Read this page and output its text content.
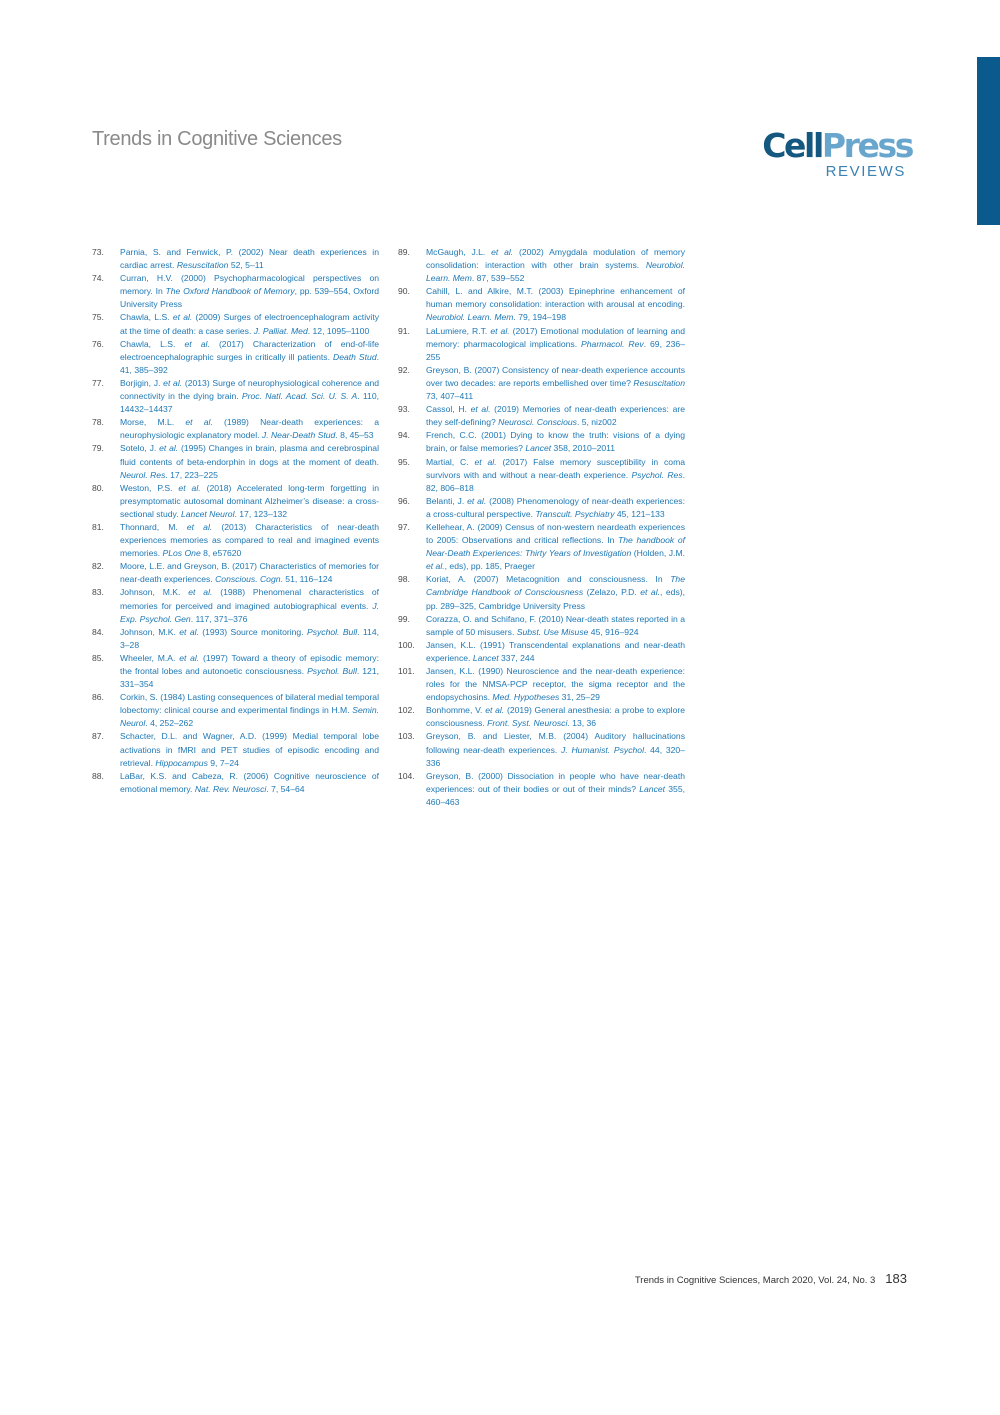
Trends in Cognitive Sciences	CellPress
REVIEWS
73. Parnia, S. and Fenwick, P. (2002) Near death experiences in cardiac arrest. Resuscitation 52, 5–11
74. Curran, H.V. (2000) Psychopharmacological perspectives on memory. In The Oxford Handbook of Memory, pp. 539–554, Oxford University Press
75. Chawla, L.S. et al. (2009) Surges of electroencephalogram activity at the time of death: a case series. J. Palliat. Med. 12, 1095–1100
76. Chawla, L.S. et al. (2017) Characterization of end-of-life electroencephalographic surges in critically ill patients. Death Stud. 41, 385–392
77. Borjigin, J. et al. (2013) Surge of neurophysiological coherence and connectivity in the dying brain. Proc. Natl. Acad. Sci. U. S. A. 110, 14432–14437
78. Morse, M.L. et al. (1989) Near-death experiences: a neurophysiologic explanatory model. J. Near-Death Stud. 8, 45–53
79. Sotelo, J. et al. (1995) Changes in brain, plasma and cerebrospinal fluid contents of beta-endorphin in dogs at the moment of death. Neurol. Res. 17, 223–225
80. Weston, P.S. et al. (2018) Accelerated long-term forgetting in presymptomatic autosomal dominant Alzheimer’s disease: a cross-sectional study. Lancet Neurol. 17, 123–132
81. Thonnard, M. et al. (2013) Characteristics of near-death experiences memories as compared to real and imagined events memories. PLos One 8, e57620
82. Moore, L.E. and Greyson, B. (2017) Characteristics of memories for near-death experiences. Conscious. Cogn. 51, 116–124
83. Johnson, M.K. et al. (1988) Phenomenal characteristics of memories for perceived and imagined autobiographical events. J. Exp. Psychol. Gen. 117, 371–376
84. Johnson, M.K. et al. (1993) Source monitoring. Psychol. Bull. 114, 3–28
85. Wheeler, M.A. et al. (1997) Toward a theory of episodic memory: the frontal lobes and autonoetic consciousness. Psychol. Bull. 121, 331–354
86. Corkin, S. (1984) Lasting consequences of bilateral medial temporal lobectomy: clinical course and experimental findings in H.M. Semin. Neurol. 4, 252–262
87. Schacter, D.L. and Wagner, A.D. (1999) Medial temporal lobe activations in fMRI and PET studies of episodic encoding and retrieval. Hippocampus 9, 7–24
88. LaBar, K.S. and Cabeza, R. (2006) Cognitive neuroscience of emotional memory. Nat. Rev. Neurosci. 7, 54–64
89. McGaugh, J.L. et al. (2002) Amygdala modulation of memory consolidation: interaction with other brain systems. Neurobiol. Learn. Mem. 87, 539–552
90. Cahill, L. and Alkire, M.T. (2003) Epinephrine enhancement of human memory consolidation: interaction with arousal at encoding. Neurobiol. Learn. Mem. 79, 194–198
91. LaLumiere, R.T. et al. (2017) Emotional modulation of learning and memory: pharmacological implications. Pharmacol. Rev. 69, 236–255
92. Greyson, B. (2007) Consistency of near-death experience accounts over two decades: are reports embellished over time? Resuscitation 73, 407–411
93. Cassol, H. et al. (2019) Memories of near-death experiences: are they self-defining? Neurosci. Conscious. 5, niz002
94. French, C.C. (2001) Dying to know the truth: visions of a dying brain, or false memories? Lancet 358, 2010–2011
95. Martial, C. et al. (2017) False memory susceptibility in coma survivors with and without a near-death experience. Psychol. Res. 82, 806–818
96. Belanti, J. et al. (2008) Phenomenology of near-death experiences: a cross-cultural perspective. Transcult. Psychiatry 45, 121–133
97. Kellehear, A. (2009) Census of non-western neardeath experiences to 2005: Observations and critical reflections. In The handbook of Near-Death Experiences: Thirty Years of Investigation (Holden, J.M. et al., eds), pp. 185, Praeger
98. Koriat, A. (2007) Metacognition and consciousness. In The Cambridge Handbook of Consciousness (Zelazo, P.D. et al., eds), pp. 289–325, Cambridge University Press
99. Corazza, O. and Schifano, F. (2010) Near-death states reported in a sample of 50 misusers. Subst. Use Misuse 45, 916–924
100. Jansen, K.L. (1991) Transcendental explanations and near-death experience. Lancet 337, 244
101. Jansen, K.L. (1990) Neuroscience and the near-death experience: roles for the NMSA-PCP receptor, the sigma receptor and the endopsychosins. Med. Hypotheses 31, 25–29
102. Bonhomme, V. et al. (2019) General anesthesia: a probe to explore consciousness. Front. Syst. Neurosci. 13, 36
103. Greyson, B. and Liester, M.B. (2004) Auditory hallucinations following near-death experiences. J. Humanist. Psychol. 44, 320–336
104. Greyson, B. (2000) Dissociation in people who have near-death experiences: out of their bodies or out of their minds? Lancet 355, 460–463
Trends in Cognitive Sciences, March 2020, Vol. 24, No. 3 183
